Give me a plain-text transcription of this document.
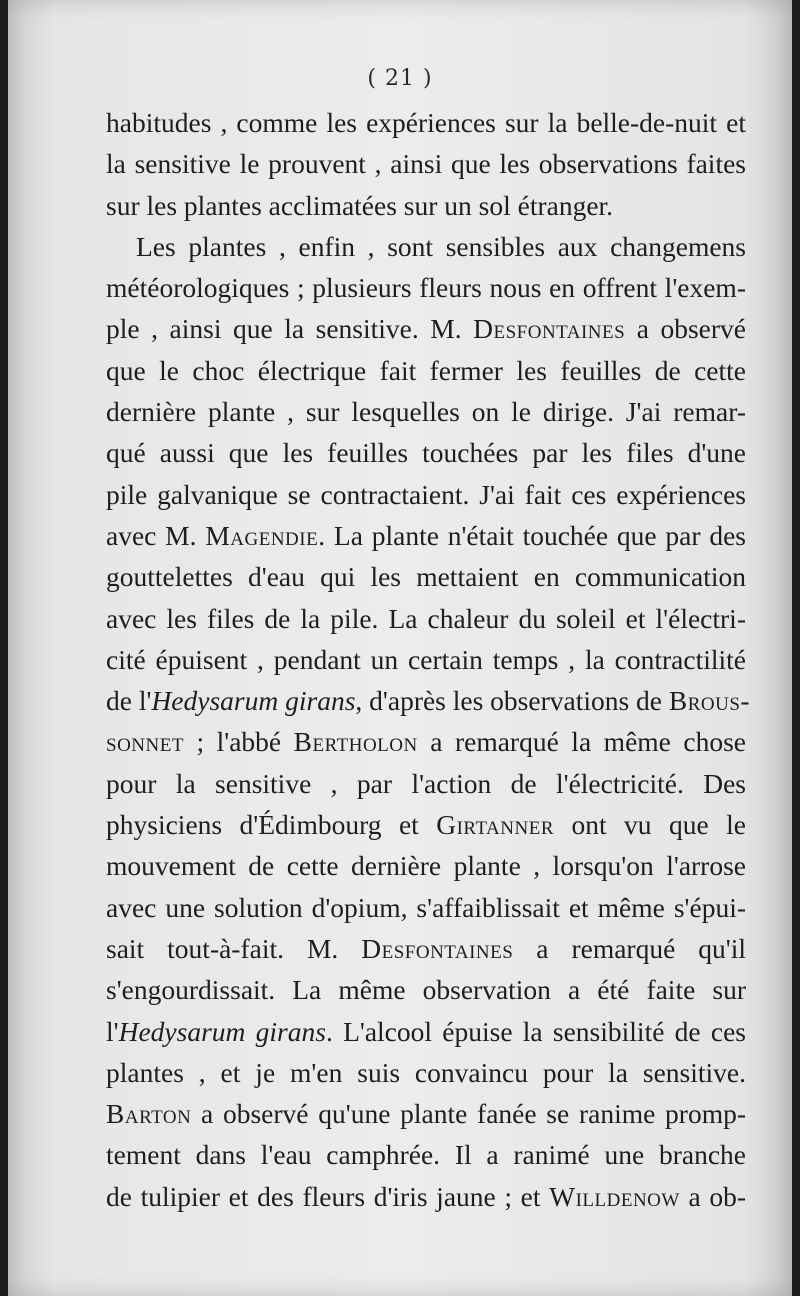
( 21 )
habitudes , comme les expériences sur la belle-de-nuit et
la sensitive le prouvent , ainsi que les observations faites
sur les plantes acclimatées sur un sol étranger.
Les plantes , enfin , sont sensibles aux changemens
météorologiques ; plusieurs fleurs nous en offrent l'exem-
ple , ainsi que la sensitive. M. Desfontaines a observé
que le choc électrique fait fermer les feuilles de cette
dernière plante , sur lesquelles on le dirige. J'ai remar-
qué aussi que les feuilles touchées par les files d'une
pile galvanique se contractaient. J'ai fait ces expériences
avec M. Magendie. La plante n'était touchée que par des
gouttelettes d'eau qui les mettaient en communication
avec les files de la pile. La chaleur du soleil et l'électri-
cité épuisent , pendant un certain temps , la contractilité
de l'Hedysarum girans, d'après les observations de Brous-
sonnet ; l'abbé Bertholon a remarqué la même chose
pour la sensitive , par l'action de l'électricité. Des
physiciens d'Édimbourg et Girtanner ont vu que le
mouvement de cette dernière plante , lorsqu'on l'arrose
avec une solution d'opium, s'affaiblissait et même s'épui-
sait tout-à-fait. M. Desfontaines a remarqué qu'il
s'engourdissait. La même observation a été faite sur
l'Hedysarum girans. L'alcool épuise la sensibilité de ces
plantes , et je m'en suis convaincu pour la sensitive.
Barton a observé qu'une plante fanée se ranime promp-
tement dans l'eau camphrée. Il a ranimé une branche
de tulipier et des fleurs d'iris jaune ; et Willdenow a ob-
